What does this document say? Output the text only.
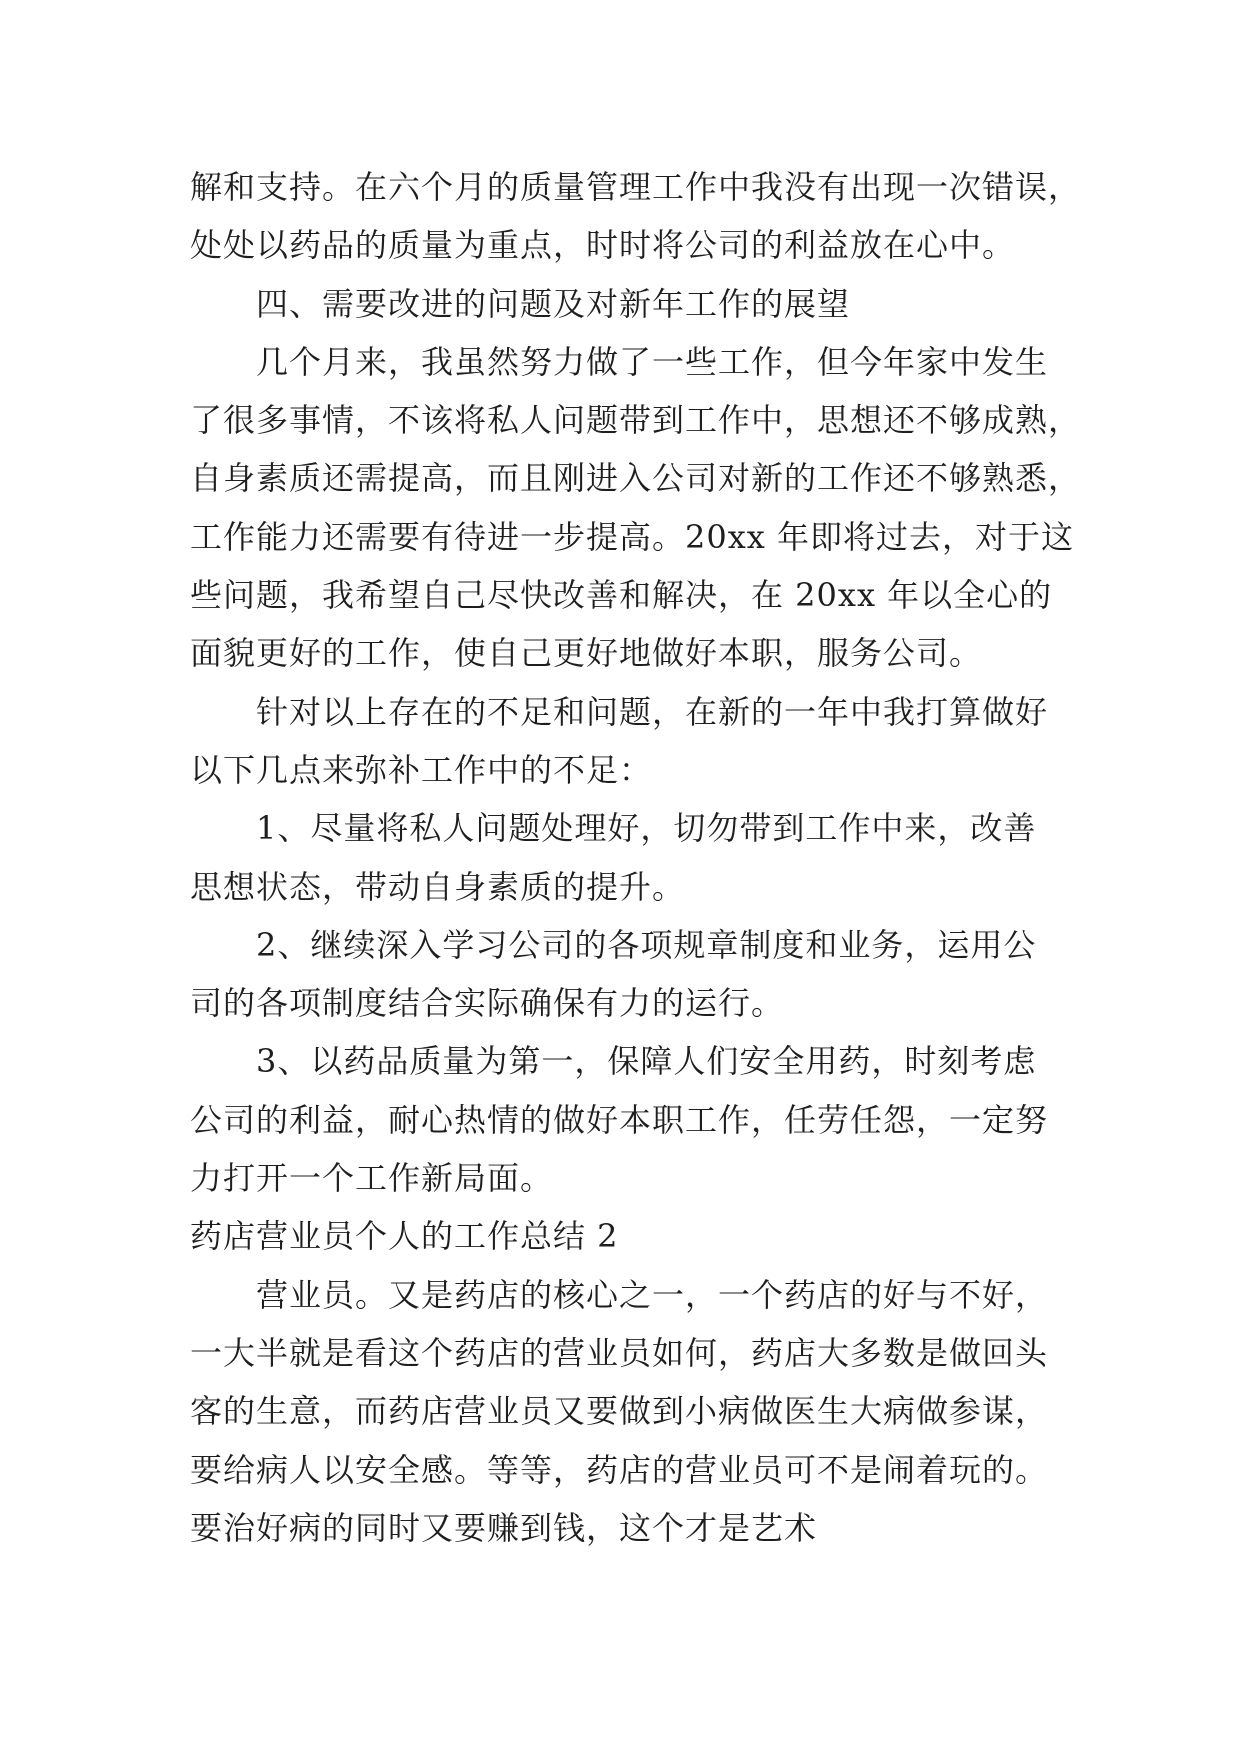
解和支持。在六个月的质量管理工作中我没有出现一次错误，

处处以药品的质量为重点，时时将公司的利益放在心中。

四、需要改进的问题及对新年工作的展望

几个月来，我虽然努力做了一些工作，但今年家中发生

了很多事情，不该将私人问题带到工作中，思想还不够成熟，

自身素质还需提高，而且刚进入公司对新的工作还不够熟悉，

工作能力还需要有待进一步提高。20xx 年即将过去，对于这

些问题，我希望自己尽快改善和解决，在 20xx 年以全心的

面貌更好的工作，使自己更好地做好本职，服务公司。

针对以上存在的不足和问题，在新的一年中我打算做好

以下几点来弥补工作中的不足：

1、尽量将私人问题处理好，切勿带到工作中来，改善

思想状态，带动自身素质的提升。

2、继续深入学习公司的各项规章制度和业务，运用公

司的各项制度结合实际确保有力的运行。

3、以药品质量为第一，保障人们安全用药，时刻考虑

公司的利益，耐心热情的做好本职工作，任劳任怨，一定努

力打开一个工作新局面。

药店营业员个人的工作总结 2

营业员。又是药店的核心之一，一个药店的好与不好，

一大半就是看这个药店的营业员如何，药店大多数是做回头

客的生意，而药店营业员又要做到小病做医生大病做参谋，

要给病人以安全感。等等，药店的营业员可不是闹着玩的。

要治好病的同时又要赚到钱，这个才是艺术
